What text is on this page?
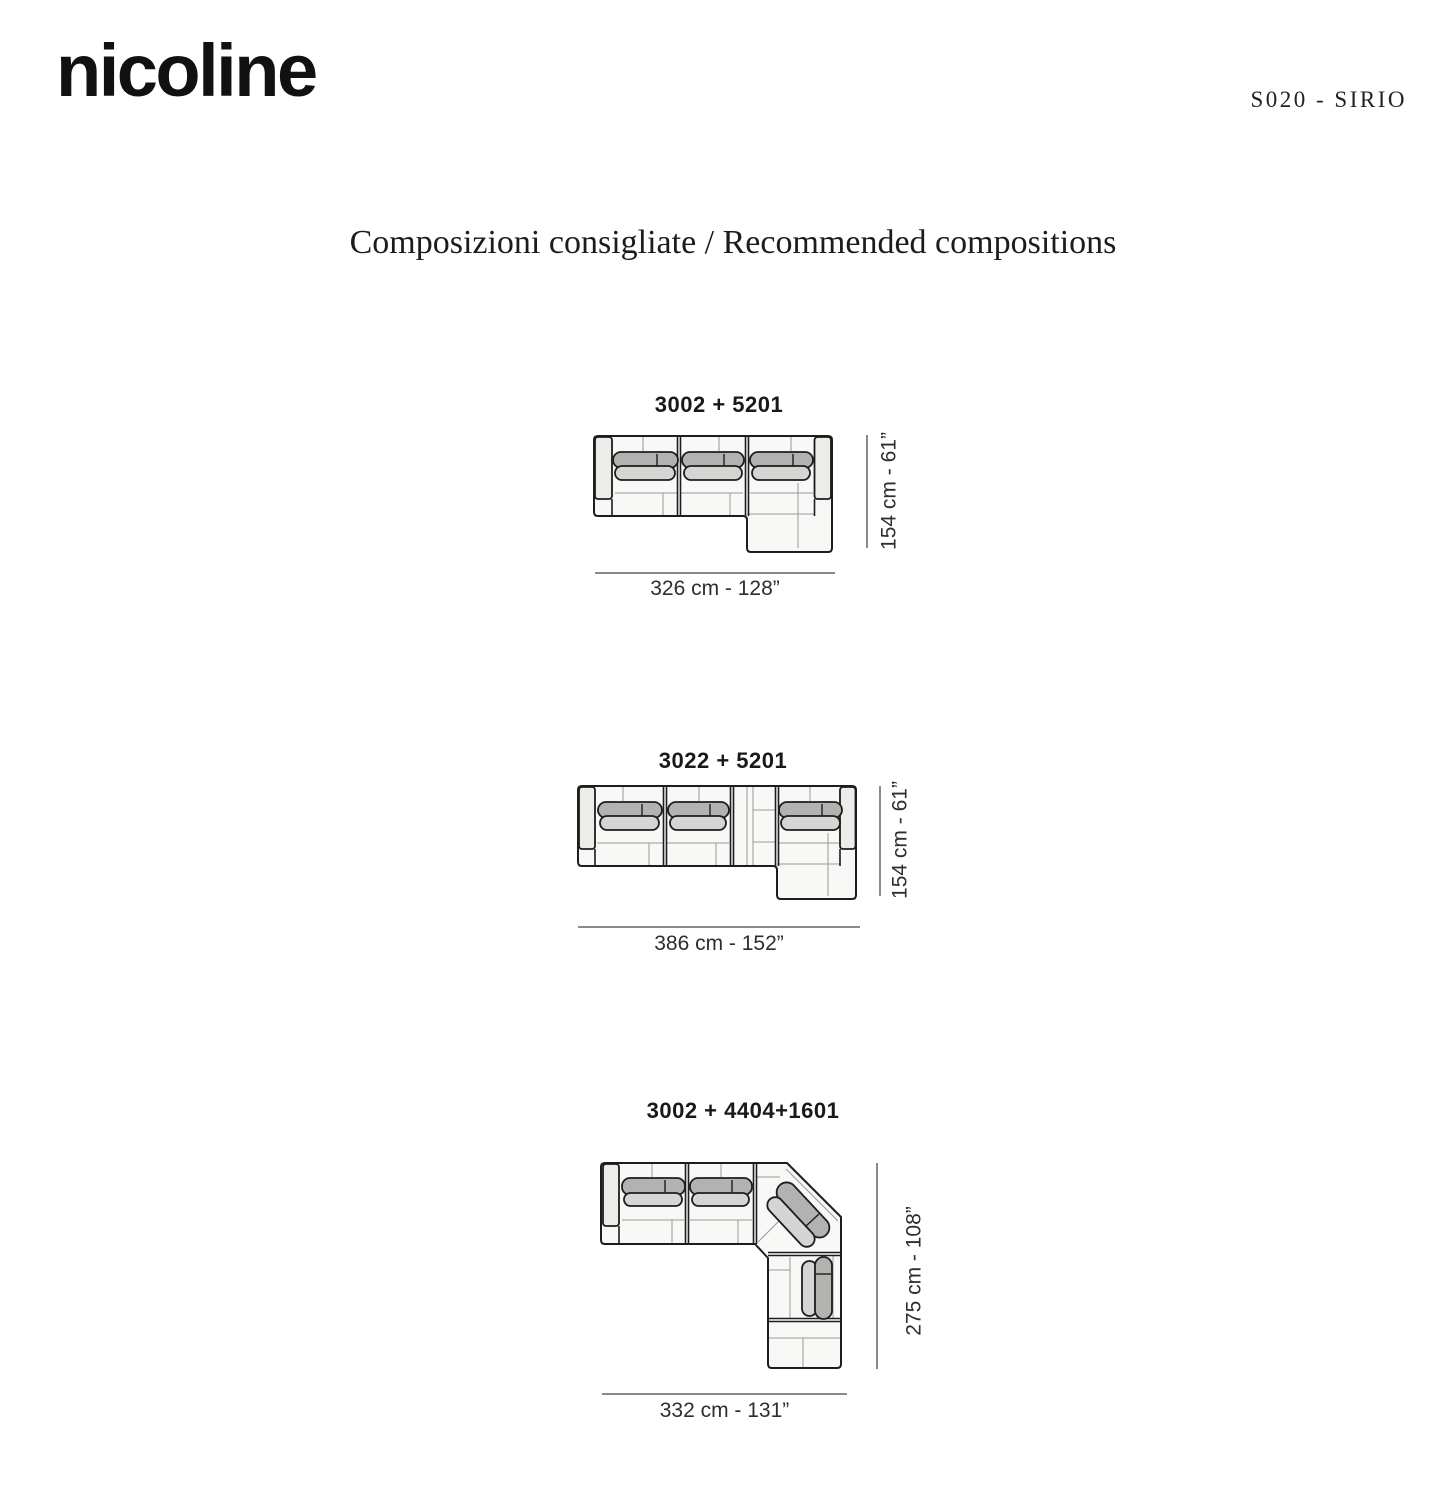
nicoline	S020 - SIRIO
Composizioni consigliate / Recommended compositions
3002 + 5201
326 cm - 128”
154 cm - 61”
3022 + 5201
386 cm - 152”
154 cm - 61”
3002 + 4404+1601
332 cm - 131”
275 cm - 108”
